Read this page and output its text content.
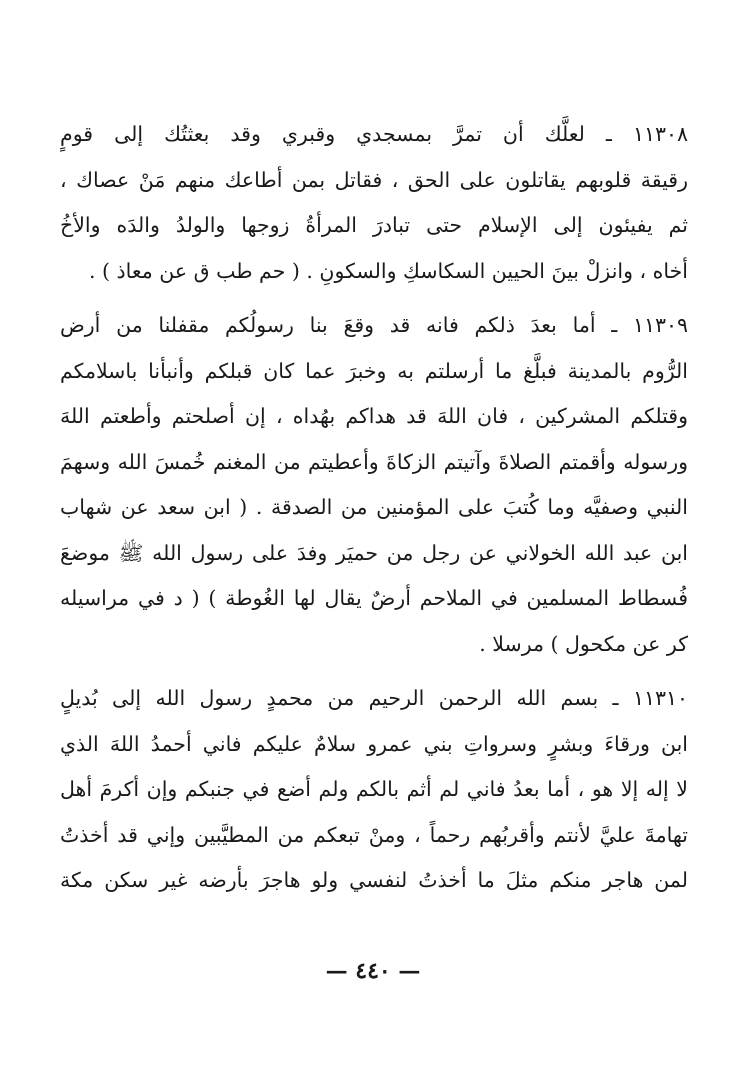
١١٣٠٨ ـ لعلَّك أن تمرَّ بمسجدي وقبري وقد بعثتُك إلى قومٍ
رقيقة قلوبهم يقاتلون على الحق ، فقاتل بمن أطاعك منهم مَنْ عصاك ،
ثم يفيئون إلى الإسلام حتى تبادرَ المرأةُ زوجها والولدُ والدَه والأخُ
أخاه ، وانزلْ بينَ الحيين السكاسكِ والسكونِ . ( حم طب ق عن معاذ ) .
١١٣٠٩ ـ أما بعدَ ذلكم فانه قد وقعَ بنا رسولُكم مقفلنا من أرض
الرُّوم بالمدينة فبلَّغ ما أرسلتم به وخبرَ عما كان قبلكم وأنبأنا باسلامكم
وقتلكم المشركين ، فان اللهَ قد هداكم بهُداه ، إن أصلحتم وأطعتم اللهَ
ورسوله وأقمتم الصلاةَ وآتيتم الزكاةَ وأعطيتم من المغنم خُمسَ الله وسهمَ
النبي وصفيَّه وما كُتبَ على المؤمنين من الصدقة . ( ابن سعد عن شهاب
ابن عبد الله الخولاني عن رجل من حميَر وفدَ على رسول الله ﷺ موضعَ
فُسطاط المسلمين في الملاحم أرضٌ يقال لها الغُوطة ) ( د في مراسيله
كر عن مكحول ) مرسلا .
١١٣١٠ ـ بسم الله الرحمن الرحيم من محمدٍ رسول الله إلى بُديلٍ
ابن ورقاءَ وبشرٍ وسرواتِ بني عمرو سلامٌ عليكم فاني أحمدُ اللهَ الذي
لا إله إلا هو ، أما بعدُ فاني لم أثم بالكم ولم أضع في جنبكم وإن أكرمَ أهل
تهامةَ عليَّ لأنتم وأقربُهم رحماً ، ومنْ تبعكم من المطيَّبين وإني قد أخذتُ
لمن هاجر منكم مثلَ ما أخذتُ لنفسي ولو هاجرَ بأرضه غير سكن مكة
— ٤٤٠ —
